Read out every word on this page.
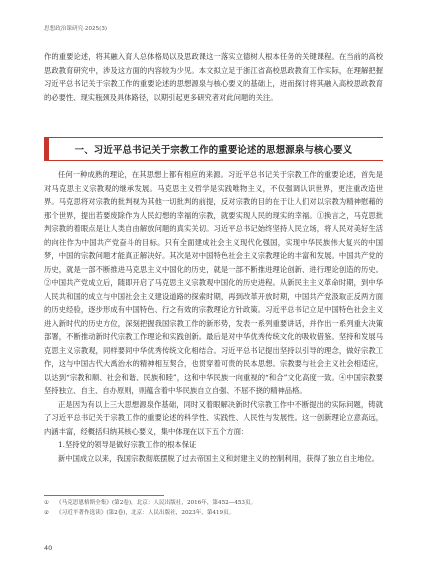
思想政治课研究·2025(3)

作的重要论述，将其融入育人总体格局以及思政课这一落实立德树人根本任务的关键课程。在当前的高校思政教育研究中，涉及这方面的内容较为少见。本文拟立足于浙江省高校思政教育工作实际，在理解把握习近平总书记关于宗教工作的重要论述的思想源泉与核心要义的基础上，进而探讨将其融入高校思政教育的必要性、现实瓶颈及具体路径，以期引起更多研究者对此问题的关注。

一、习近平总书记关于宗教工作的重要论述的思想源泉与核心要义

任何一种成熟的理论，在其思想上都有相应的来源。习近平总书记关于宗教工作的重要论述，首先是对马克思主义宗教观的继承发展。马克思主义哲学是实践唯物主义，不仅强调认识世界，更注重改造世界。马克思将对宗教的批判视为其他一切批判的前提，反对宗教的目的在于让人们对以宗教为精神慰藉的那个世界，提出若要废除作为人民幻想的幸福的宗教，就要实现人民的现实的幸福。①换言之，马克思批判宗教的着眼点是让人类自由解放问题的真实关切。习近平总书记始终坚持人民立场，将人民对美好生活的向往作为中国共产党奋斗的目标。只有全面建成社会主义现代化强国，实现中华民族伟大复兴的中国梦，中国的宗教问题才能真正解决好。其次是对中国特色社会主义宗教理论的丰富和发展。中国共产党的历史，就是一部不断推进马克思主义中国化的历史，就是一部不断推进理论创新、进行理论创造的历史。②中国共产党成立后，随即开启了马克思主义宗教观中国化的历史进程。从新民主主义革命时期，到中华人民共和国的成立与中国社会主义建设道路的探索时期，再到改革开放时期，中国共产党汲取正反两方面的历史经验，逐步形成有中国特色、行之有效的宗教理论方针政策。习近平总书记立足中国特色社会主义进入新时代的历史方位，深刻把握我国宗教工作的新形势，发表一系列重要讲话，并作出一系列重大决策部署，不断推动新时代宗教工作理论和实践创新。最后是对中华优秀传统文化的吸收借鉴。坚持和发展马克思主义宗教观，同样要同中华优秀传统文化相结合。习近平总书记提出坚持以引导的理念，做好宗教工作，这与中国古代大禹治水的精神相互契合，也贯穿着可贵的民本思想。宗教要与社会主义社会相适应，以达到“宗教和顺、社会和谐、民族和睦”，这和中华民族一向重视的“和合”文化高度一致。④中国宗教要坚持独立、自主、自办原则，则蕴含着中华民族自立自强、不屈不挠的精神品格。

正是因为有以上三大思想源泉作基础，同时又着眼解决新时代宗教工作中不断提出的实际问题，铸就了习近平总书记关于宗教工作的重要论述的科学性、实践性、人民性与发展性。这一创新理论立意高远，内涵丰富，经概括归纳其核心要义，集中体现在以下五个方面：

1.坚持党的领导是做好宗教工作的根本保证

新中国成立以来，我国宗教彻底摆脱了过去帝国主义和封建主义的控制利用，获得了独立自主地位。

①	《马克思恩格斯全集》(第2卷)，北京：人民出版社，2016年，第452—453页。
②	《习近平著作选读》(第2卷)，北京：人民出版社，2023年，第419页。
40
